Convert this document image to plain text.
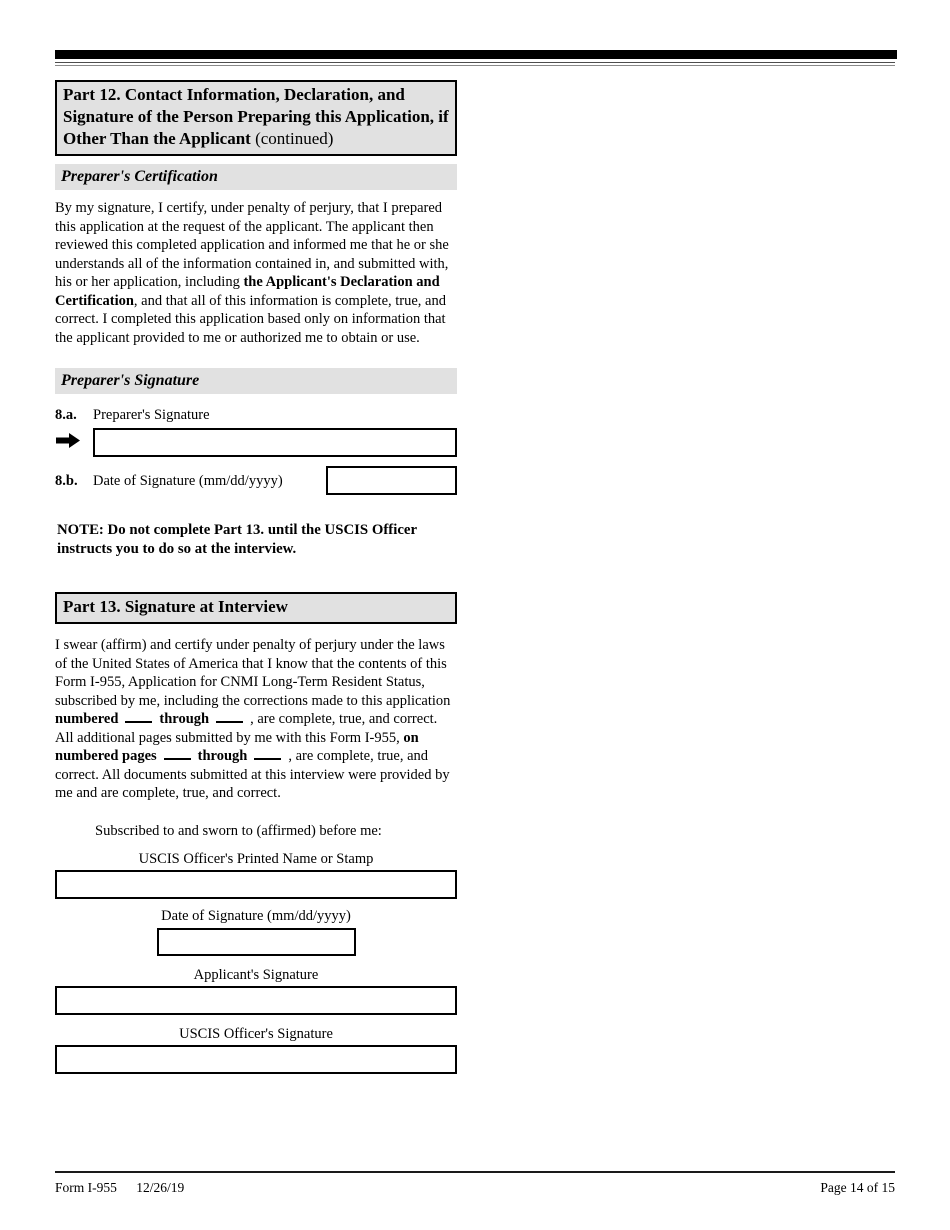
Part 12. Contact Information, Declaration, and Signature of the Person Preparing this Application, if Other Than the Applicant (continued)
Preparer's Certification

By my signature, I certify, under penalty of perjury, that I prepared this application at the request of the applicant. The applicant then reviewed this completed application and informed me that he or she understands all of the information contained in, and submitted with, his or her application, including the Applicant's Declaration and Certification, and that all of this information is complete, true, and correct. I completed this application based only on information that the applicant provided to me or authorized me to obtain or use.

Preparer's Signature
8.a.	Preparer's Signature
8.b.	Date of Signature (mm/dd/yyyy)

NOTE: Do not complete Part 13. until the USCIS Officer instructs you to do so at the interview.

Part 13. Signature at Interview

I swear (affirm) and certify under penalty of perjury under the laws of the United States of America that I know that the contents of this Form I-955, Application for CNMI Long-Term Resident Status, subscribed by me, including the corrections made to this application numbered	through	, are complete, true, and correct. All additional pages submitted by me with this Form I-955, on numbered pages	through	, are complete, true, and correct. All documents submitted at this interview were provided by me and are complete, true, and correct.

Subscribed to and sworn to (affirmed) before me:

USCIS Officer's Printed Name or Stamp
Date of Signature (mm/dd/yyyy)
Applicant's Signature
USCIS Officer's Signature
Form I-955 12/26/19	Page 14 of 15
